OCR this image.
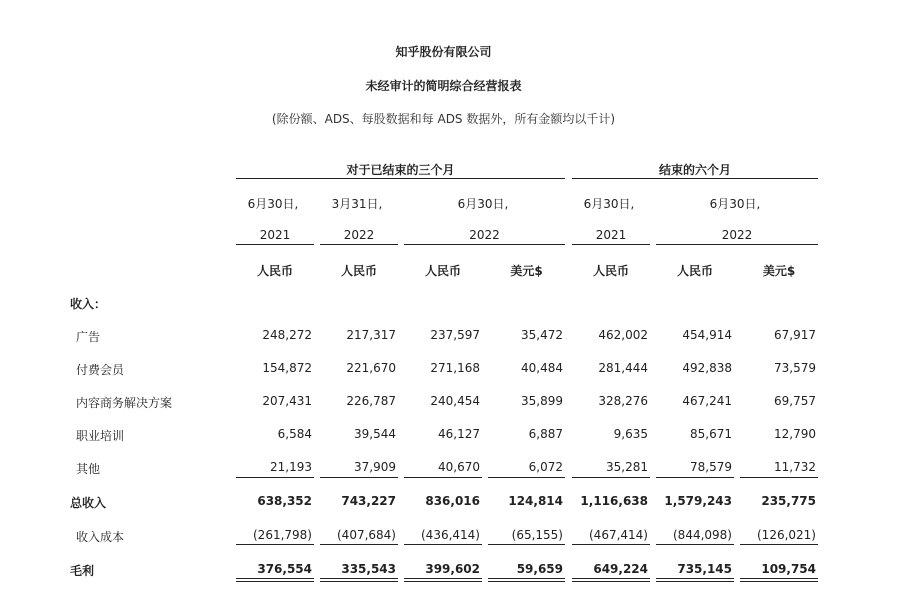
知乎股份有限公司
未经审计的简明综合经营报表
(除份额、ADS、每股数据和每 ADS 数据外，所有金额均以千计)
对于已结束的三个月	结束的六个月
6月30日,	3月31日,	6月30日,	6月30日,	6月30日,
2021	2022	2022	2021	2022
人民币	人民币	人民币	美元$	人民币	人民币	美元$
收入：
广告	248,272	217,317	237,597	35,472	462,002	454,914	67,917
付费会员	154,872	221,670	271,168	40,484	281,444	492,838	73,579
内容商务解决方案	207,431	226,787	240,454	35,899	328,276	467,241	69,757
职业培训	6,584	39,544	46,127	6,887	9,635	85,671	12,790
其他	21,193	37,909	40,670	6,072	35,281	78,579	11,732
总收入	638,352	743,227	836,016	124,814	1,116,638	1,579,243	235,775
收入成本	(261,798)	(407,684)	(436,414)	(65,155)	(467,414)	(844,098)	(126,021)
毛利	376,554	335,543	399,602	59,659	649,224	735,145	109,754
